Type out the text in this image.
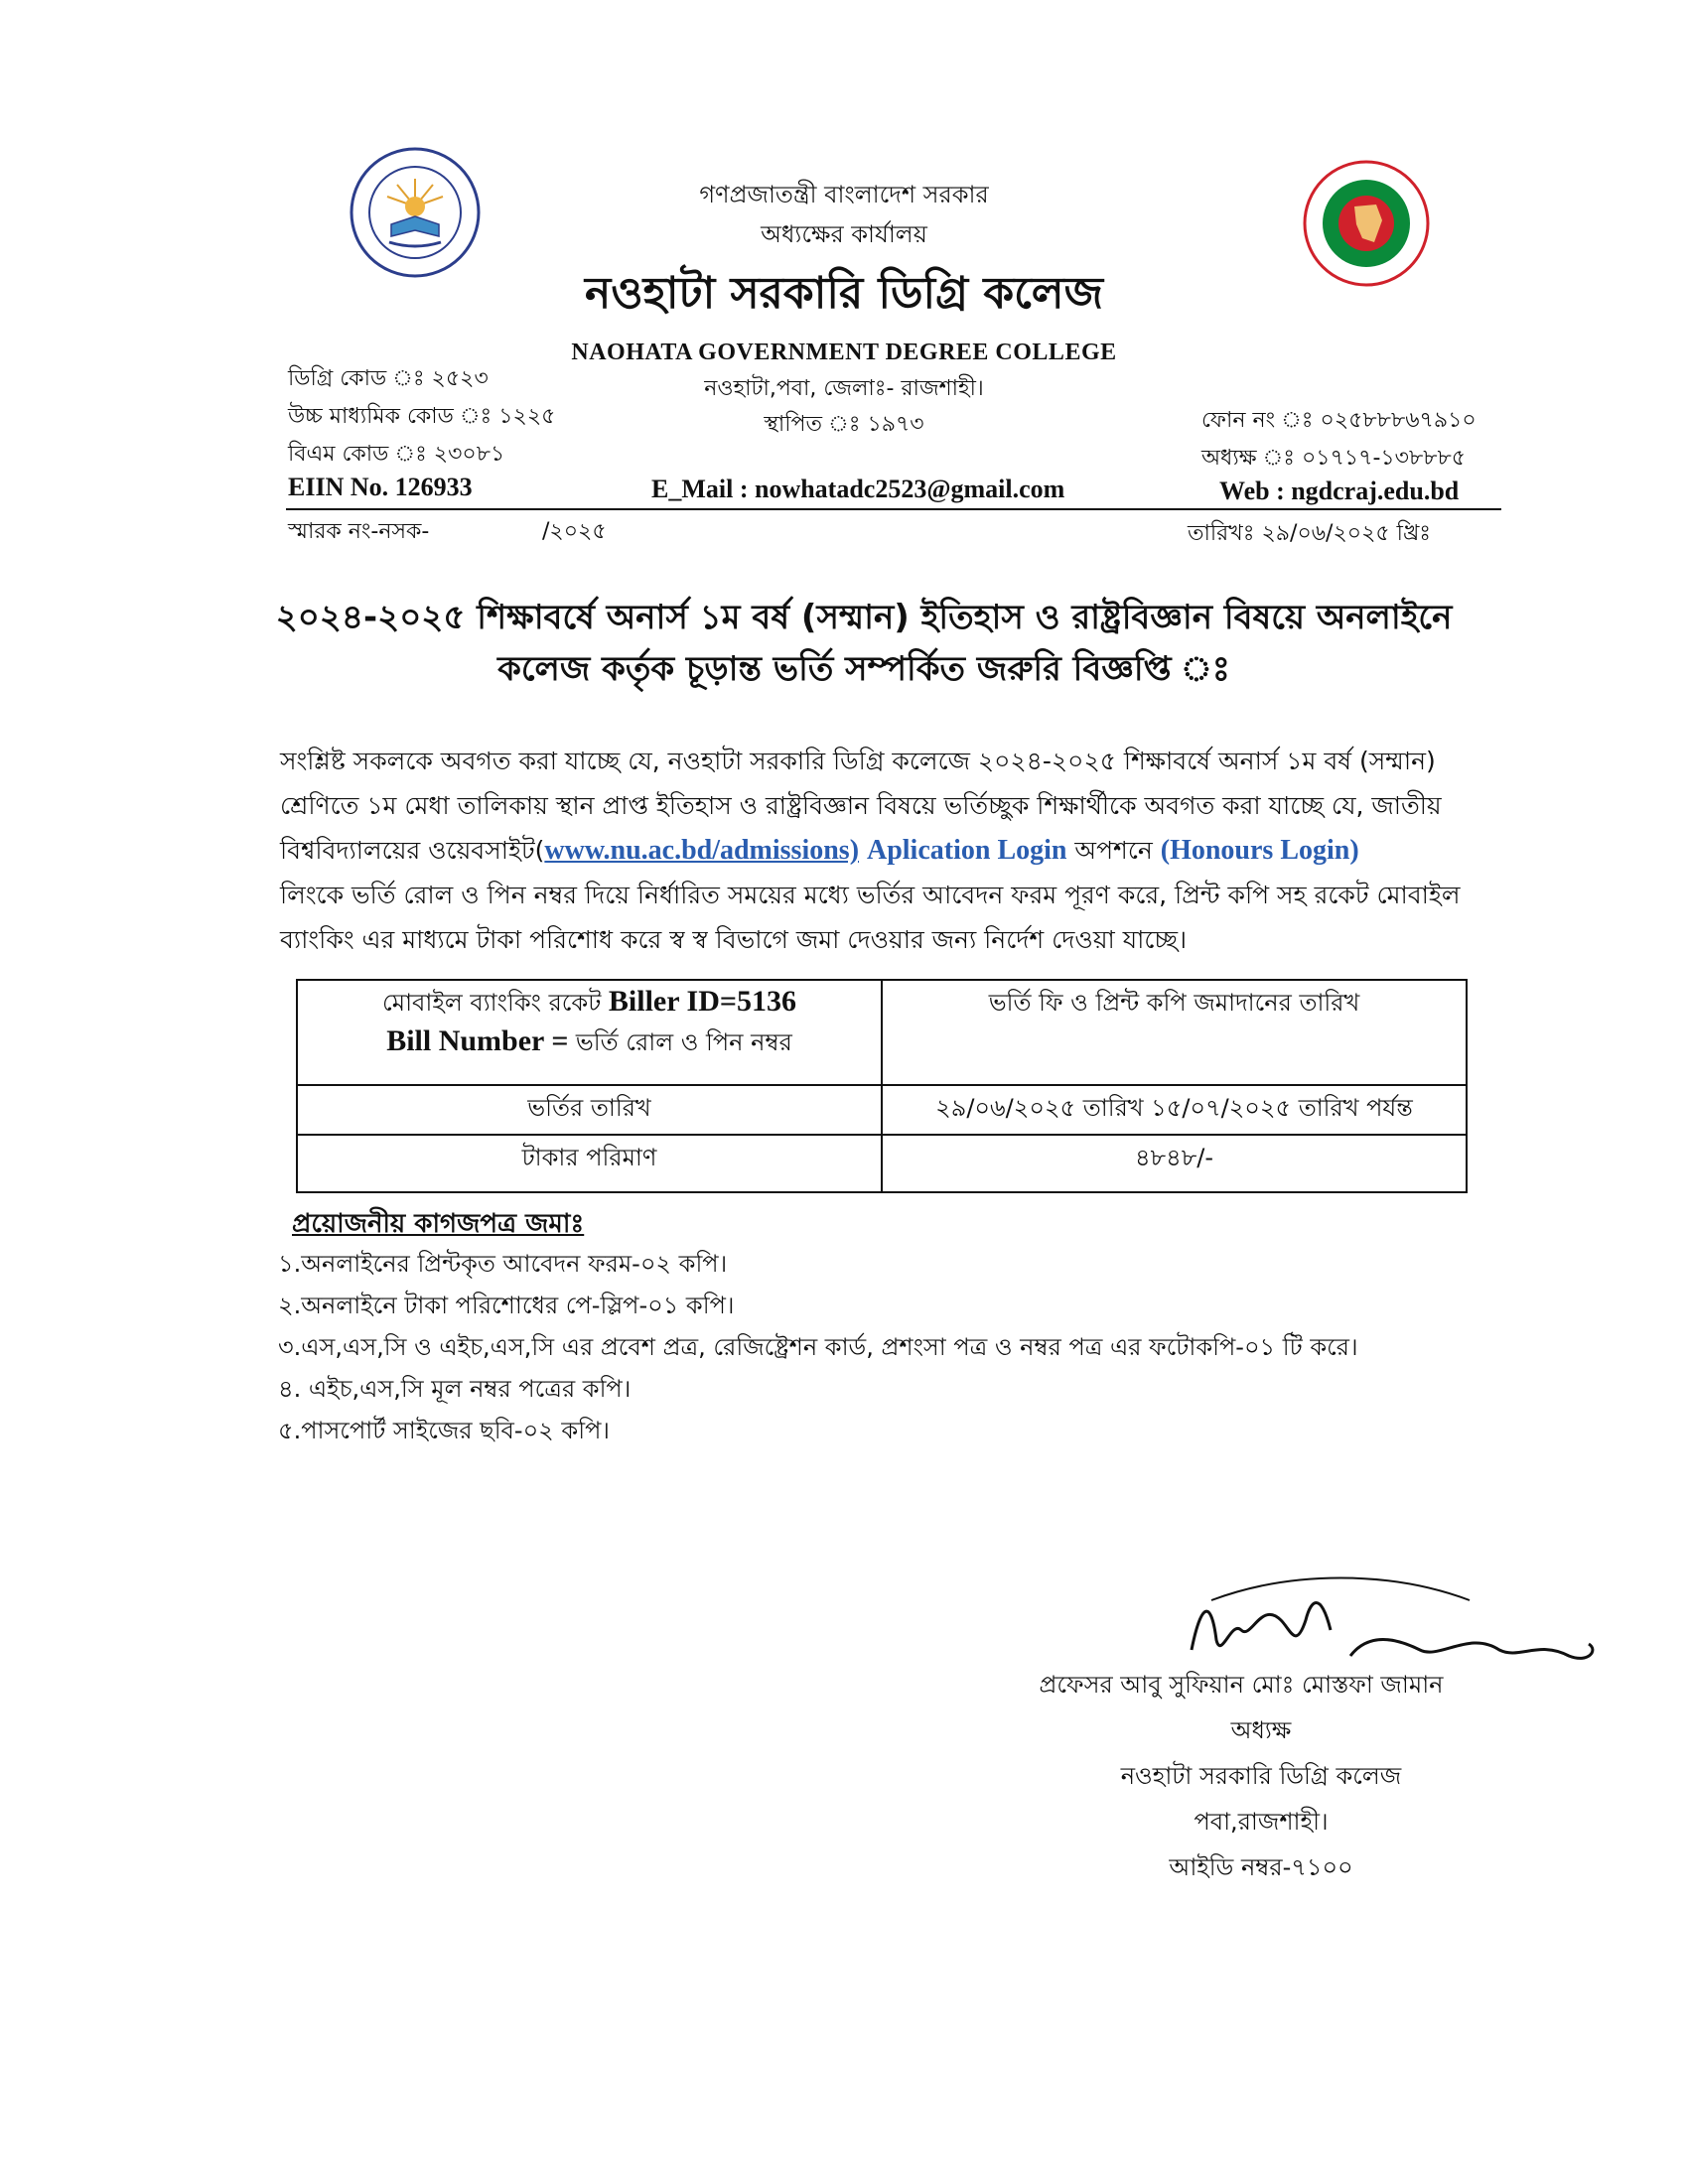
গণপ্রজাতন্ত্রী বাংলাদেশ সরকার
অধ্যক্ষের কার্যালয়
নওহাটা সরকারি ডিগ্রি কলেজ
NAOHATA GOVERNMENT DEGREE COLLEGE
নওহাটা,পবা, জেলাঃ- রাজশাহী।
স্থাপিত ঃ ১৯৭৩
ডিগ্রি কোড ঃ ২৫২৩
উচ্চ মাধ্যমিক কোড ঃ ১২২৫
বিএম কোড ঃ ২৩০৮১
ফোন নং ঃ ০২৫৮৮৮৬৭৯১০
অধ্যক্ষ ঃ ০১৭১৭-১৩৮৮৮৫
EIIN No. 126933	E_Mail : nowhatadc2523@gmail.com	Web : ngdcraj.edu.bd
স্মারক নং-নসক-	/২০২৫	তারিখঃ ২৯/০৬/২০২৫ খ্রিঃ
২০২৪-২০২৫ শিক্ষাবর্ষে অনার্স ১ম বর্ষ (সম্মান) ইতিহাস ও রাষ্ট্রবিজ্ঞান বিষয়ে অনলাইনে
কলেজ কর্তৃক চূড়ান্ত ভর্তি সম্পর্কিত জরুরি বিজ্ঞপ্তি ঃ
সংশ্লিষ্ট সকলকে অবগত করা যাচ্ছে যে, নওহাটা সরকারি ডিগ্রি কলেজে ২০২৪-২০২৫ শিক্ষাবর্ষে অনার্স ১ম বর্ষ (সম্মান)
শ্রেণিতে ১ম মেধা তালিকায় স্থান প্রাপ্ত ইতিহাস ও রাষ্ট্রবিজ্ঞান বিষয়ে ভর্তিচ্ছুক শিক্ষার্থীকে অবগত করা যাচ্ছে যে, জাতীয়
বিশ্ববিদ্যালয়ের ওয়েবসাইট(www.nu.ac.bd/admissions) Aplication Login অপশনে (Honours Login)
লিংকে ভর্তি রোল ও পিন নম্বর দিয়ে নির্ধারিত সময়ের মধ্যে ভর্তির আবেদন ফরম পূরণ করে, প্রিন্ট কপি সহ রকেট মোবাইল
ব্যাংকিং এর মাধ্যমে টাকা পরিশোধ করে স্ব স্ব বিভাগে জমা দেওয়ার জন্য নির্দেশ দেওয়া যাচ্ছে।
মোবাইল ব্যাংকিং রকেট Biller ID=5136
Bill Number = ভর্তি রোল ও পিন নম্বর	ভর্তি ফি ও প্রিন্ট কপি জমাদানের তারিখ
ভর্তির তারিখ	২৯/০৬/২০২৫ তারিখ ১৫/০৭/২০২৫ তারিখ পর্যন্ত
টাকার পরিমাণ	৪৮৪৮/-
প্রয়োজনীয় কাগজপত্র জমাঃ
১.অনলাইনের প্রিন্টকৃত আবেদন ফরম-০২ কপি।
২.অনলাইনে টাকা পরিশোধের পে-স্লিপ-০১ কপি।
৩.এস,এস,সি ও এইচ,এস,সি এর প্রবেশ প্রত্র, রেজিষ্ট্রেশন কার্ড, প্রশংসা পত্র ও নম্বর পত্র এর ফটোকপি-০১ টি করে।
৪. এইচ,এস,সি মূল নম্বর পত্রের কপি।
৫.পাসপোর্ট সাইজের ছবি-০২ কপি।
প্রফেসর আবু সুফিয়ান মোঃ মোস্তফা জামান
অধ্যক্ষ
নওহাটা সরকারি ডিগ্রি কলেজ
পবা,রাজশাহী।
আইডি নম্বর-৭১০০
